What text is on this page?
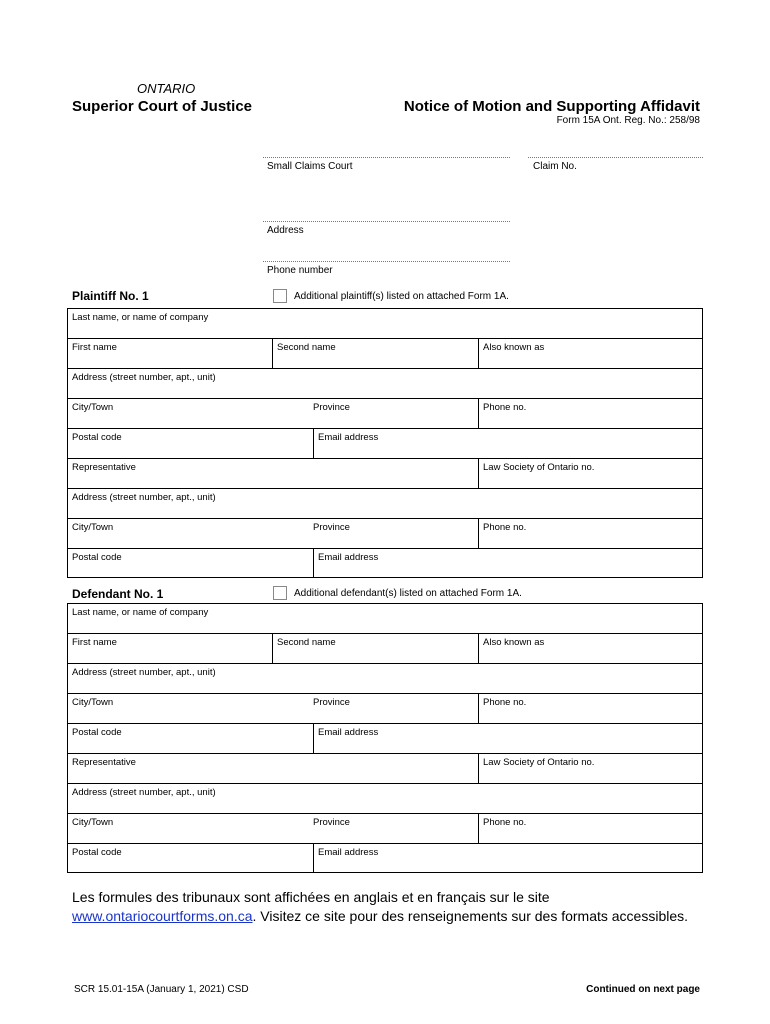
ONTARIO
Superior Court of Justice	Notice of Motion and Supporting Affidavit
Form 15A Ont. Reg. No.: 258/98
Small Claims Court	Claim No.
Address
Phone number
Plaintiff No. 1	Additional plaintiff(s) listed on attached Form 1A.
Last name, or name of company
First name	Second name	Also known as
Address (street number, apt., unit)
City/Town	Province	Phone no.
Postal code	Email address
Representative	Law Society of Ontario no.
Address (street number, apt., unit)
City/Town	Province	Phone no.
Postal code	Email address
Defendant No. 1	Additional defendant(s) listed on attached Form 1A.
Last name, or name of company
First name	Second name	Also known as
Address (street number, apt., unit)
City/Town	Province	Phone no.
Postal code	Email address
Representative	Law Society of Ontario no.
Address (street number, apt., unit)
City/Town	Province	Phone no.
Postal code	Email address
Les formules des tribunaux sont affichées en anglais et en français sur le site
www.ontariocourtforms.on.ca. Visitez ce site pour des renseignements sur des formats accessibles.
SCR 15.01-15A (January 1, 2021) CSD	Continued on next page
